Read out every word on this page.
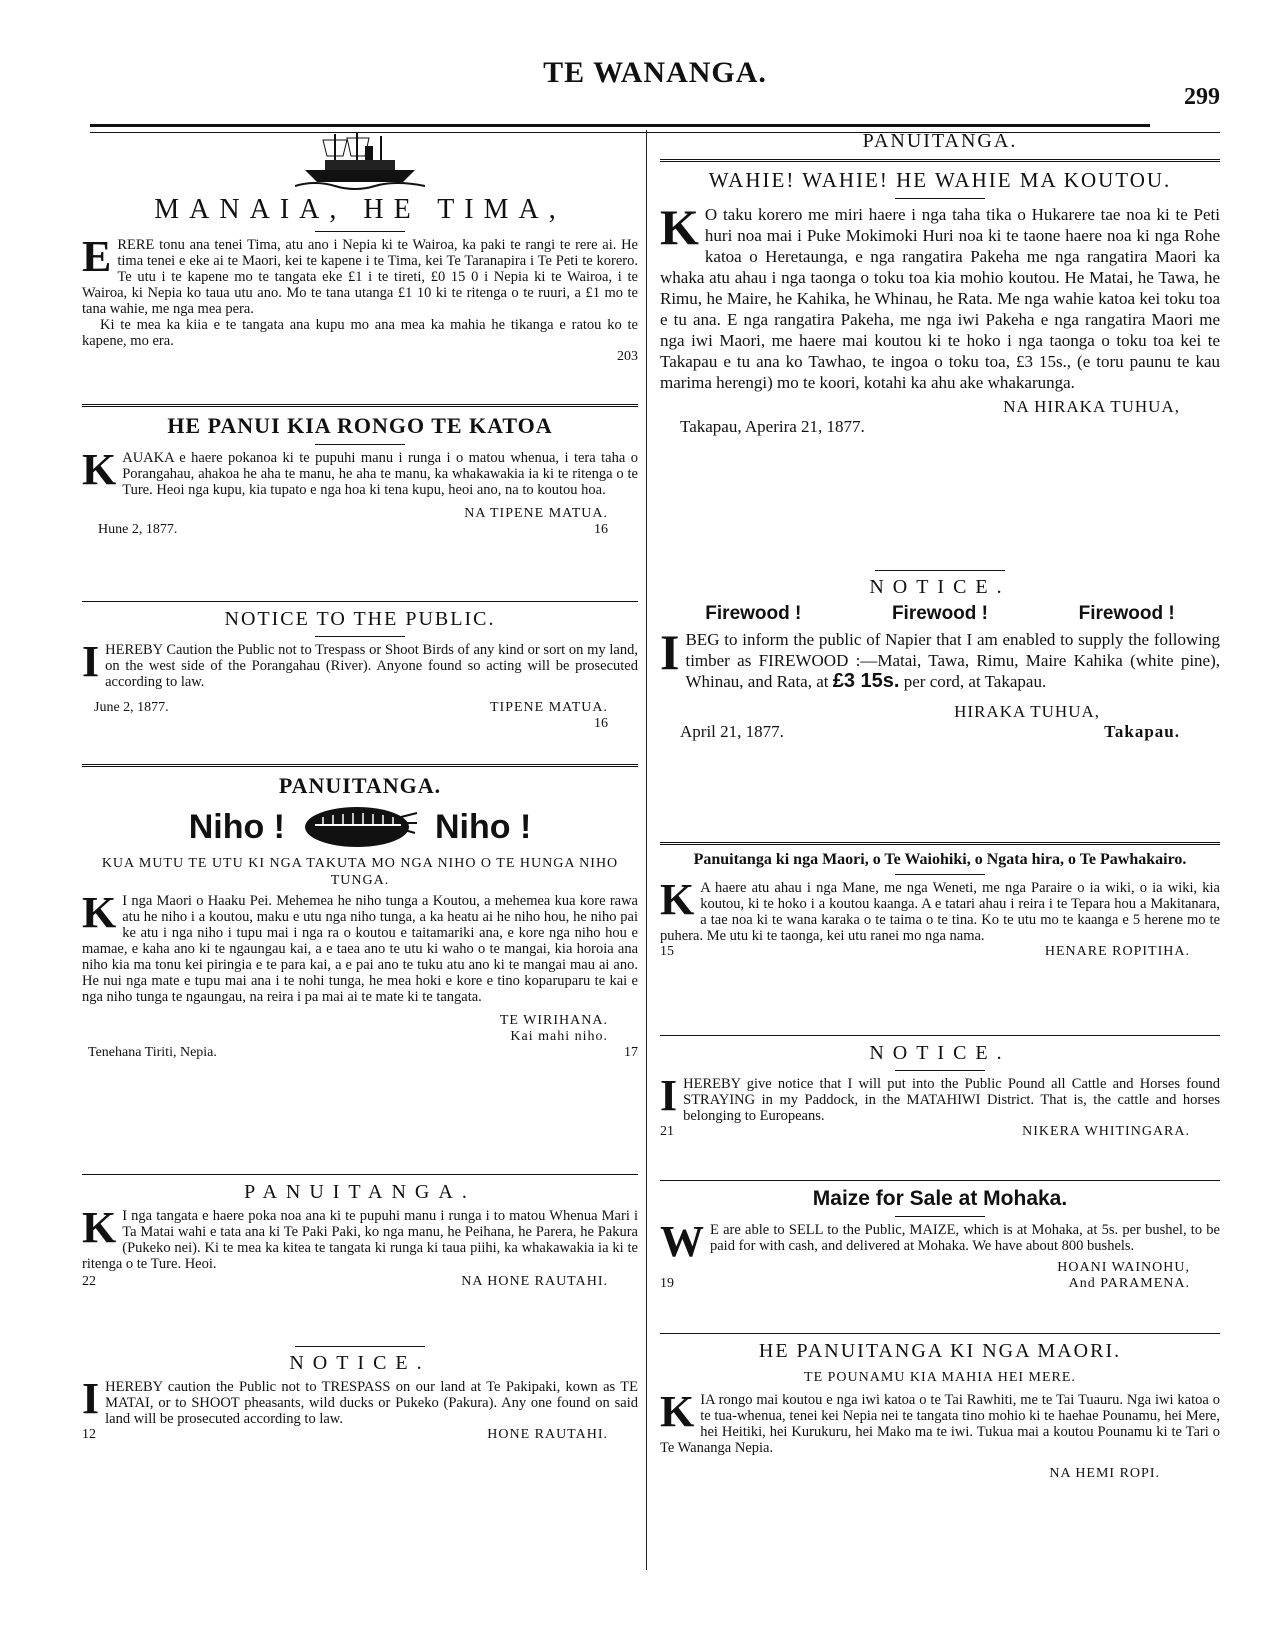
TE WANANGA.
299
MANAIA, HE TIMA,
E RERE tonu ana tenei Tima, atu ano i Nepia ki te Wairoa, ka paki te rangi te rere ai. He tima tenei e eke ai te Maori, kei te kapene i te Tima, kei Te Taranapira i Te Peti te korero. Te utu i te kapene mo te tangata eke £1 i te tireti, £0 15 0 i Nepia ki te Wairoa, i te Wairoa, ki Nepia ko taua utu ano. Mo te tana utanga £1 10 ki te ritenga o te ruuri, a £1 mo te tana wahie, me nga mea pera.
Ki te mea ka kiia e te tangata ana kupu mo ana mea ka mahia he tikanga e ratou ko te kapene, mo era.
203
HE PANUI KIA RONGO TE KATOA
K AUAKA e haere pokanoa ki te pupuhi manu i runga i o matou whenua, i tera taha o Porangahau, ahakoa he aha te manu, he aha te manu, ka whakawakia ia ki te ritenga o te Ture. Heoi nga kupu, kia tupato e nga hoa ki tena kupu, heoi ano, na to koutou hoa.
NA TIPENE MATUA.
Hune 2, 1877.	16
NOTICE TO THE PUBLIC.
I HEREBY Caution the Public not to Trespass or Shoot Birds of any kind or sort on my land, on the west side of the Porangahau (River). Anyone found so acting will be prosecuted according to law.
June 2, 1877.	TIPENE MATUA.
16
PANUITANGA.
Niho !	Niho !
KUA MUTU TE UTU KI NGA TAKUTA MO NGA NIHO O TE HUNGA NIHO TUNGA.
K I nga Maori o Haaku Pei. Mehemea he niho tunga a Koutou, a mehemea kua kore rawa atu he niho i a koutou, maku e utu nga niho tunga, a ka heatu ai he niho hou, he niho pai ke atu i nga niho i tupu mai i nga ra o koutou e taitamariki ana, e kore nga niho hou e mamae, e kaha ano ki te ngaungau kai, a e taea ano te utu ki waho o te mangai, kia horoia ana niho kia ma tonu kei piringia e te para kai, a e pai ano te tuku atu ano ki te mangai mau ai ano. He nui nga mate e tupu mai ana i te nohi tunga, he mea hoki e kore e tino koparuparu te kai e nga niho tunga te ngaungau, na reira i pa mai ai te mate ki te tangata.
TE WIRIHANA.
Kai mahi niho.
Tenehana Tiriti, Nepia.	17
PANUITANGA.
K I nga tangata e haere poka noa ana ki te pupuhi manu i runga i to matou Whenua Mari i Ta Matai wahi e tata ana ki Te Paki Paki, ko nga manu, he Peihana, he Parera, he Pakura (Pukeko nei). Ki te mea ka kitea te tangata ki runga ki taua piihi, ka whakawakia ia ki te ritenga o te Ture. Heoi.
22	NA HONE RAUTAHI.
NOTICE.
I HEREBY caution the Public not to TRESPASS on our land at Te Pakipaki, kown as TE MATAI, or to SHOOT pheasants, wild ducks or Pukeko (Pakura). Any one found on said land will be prosecuted according to law.
12	HONE RAUTAHI.
PANUITANGA.
WAHIE! WAHIE! HE WAHIE MA KOUTOU.
K O taku korero me miri haere i nga taha tika o Hukarere tae noa ki te Peti huri noa mai i Puke Mokimoki Huri noa ki te taone haere noa ki nga Rohe katoa o Heretaunga, e nga rangatira Pakeha me nga rangatira Maori ka whaka atu ahau i nga taonga o toku toa kia mohio koutou. He Matai, he Tawa, he Rimu, he Maire, he Kahika, he Whinau, he Rata. Me nga wahie katoa kei toku toa e tu ana. E nga rangatira Pakeha, me nga iwi Pakeha e nga rangatira Maori me nga iwi Maori, me haere mai koutou ki te hoko i nga taonga o toku toa kei te Takapau e tu ana ko Tawhao, te ingoa o toku toa, £3 15s., (e toru paunu te kau marima herengi) mo te koori, kotahi ka ahu ake whakarunga.
NA HIRAKA TUHUA,
Takapau, Aperira 21, 1877.
NOTICE.
Firewood !	Firewood !	Firewood !
I BEG to inform the public of Napier that I am enabled to supply the following timber as FIREWOOD :—Matai, Tawa, Rimu, Maire Kahika (white pine), Whinau, and Rata, at £3 15s. per cord, at Takapau.
HIRAKA TUHUA,
April 21, 1877.	Takapau.
Panuitanga ki nga Maori, o Te Waiohiki, o Ngata hira, o Te Pawhakairo.
K A haere atu ahau i nga Mane, me nga Weneti, me nga Paraire o ia wiki, o ia wiki, kia koutou, ki te hoko i a koutou kaanga. A e tatari ahau i reira i te Tepara hou a Makitanara, a tae noa ki te wana karaka o te taima o te tina. Ko te utu mo te kaanga e 5 herene mo te puhera. Me utu ki te taonga, kei utu ranei mo nga nama.
15	HENARE ROPITIHA.
NOTICE.
I HEREBY give notice that I will put into the Public Pound all Cattle and Horses found STRAYING in my Paddock, in the MATAHIWI District. That is, the cattle and horses belonging to Europeans.
21	NIKERA WHITINGARA.
Maize for Sale at Mohaka.
W E are able to SELL to the Public, MAIZE, which is at Mohaka, at 5s. per bushel, to be paid for with cash, and delivered at Mohaka. We have about 800 bushels.
HOANI WAINOHU,
19	And PARAMENA.
HE PANUITANGA KI NGA MAORI.
TE POUNAMU KIA MAHIA HEI MERE.
K IA rongo mai koutou e nga iwi katoa o te Tai Rawhiti, me te Tai Tuauru. Nga iwi katoa o te tua-whenua, tenei kei Nepia nei te tangata tino mohio ki te haehae Pounamu, hei Mere, hei Heitiki, hei Kurukuru, hei Mako ma te iwi. Tukua mai a koutou Pounamu ki te Tari o Te Wananga Nepia.
NA HEMI ROPI.
